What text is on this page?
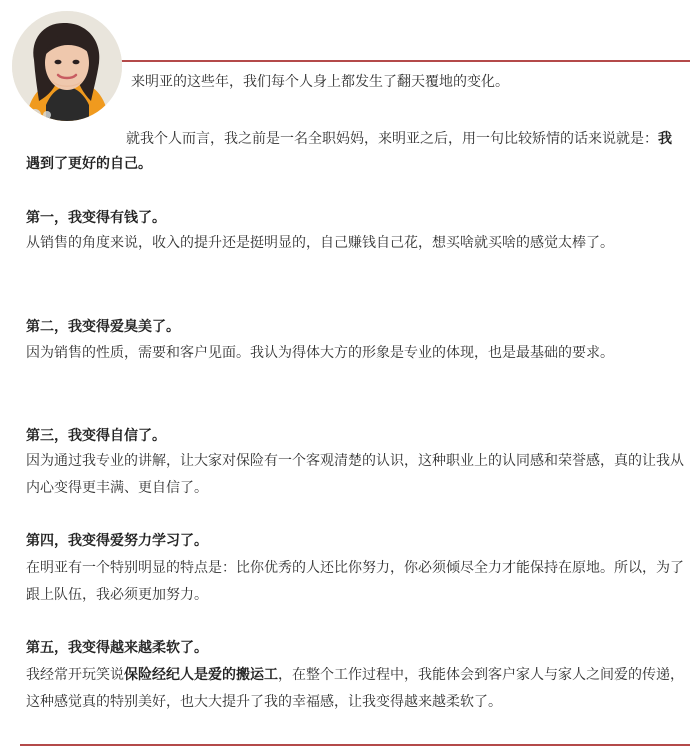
来明亚的这些年，我们每个人身上都发生了翻天覆地的变化。
就我个人而言，我之前是一名全职妈妈，来明亚之后，用一句比较矫情的话来说就是：我遇到了更好的自己。
第一，我变得有钱了。
从销售的角度来说，收入的提升还是挺明显的，自己赚钱自己花，想买啥就买啥的感觉太棒了。
第二，我变得爱臭美了。
因为销售的性质，需要和客户见面。我认为得体大方的形象是专业的体现，也是最基础的要求。
第三，我变得自信了。
因为通过我专业的讲解，让大家对保险有一个客观清楚的认识，这种职业上的认同感和荣誉感，真的让我从内心变得更丰满、更自信了。
第四，我变得爱努力学习了。
在明亚有一个特别明显的特点是：比你优秀的人还比你努力，你必须倾尽全力才能保持在原地。所以，为了跟上队伍，我必须更加努力。
第五，我变得越来越柔软了。
我经常开玩笑说保险经纪人是爱的搬运工，在整个工作过程中，我能体会到客户家人与家人之间爱的传递，这种感觉真的特别美好，也大大提升了我的幸福感，让我变得越来越柔软了。
